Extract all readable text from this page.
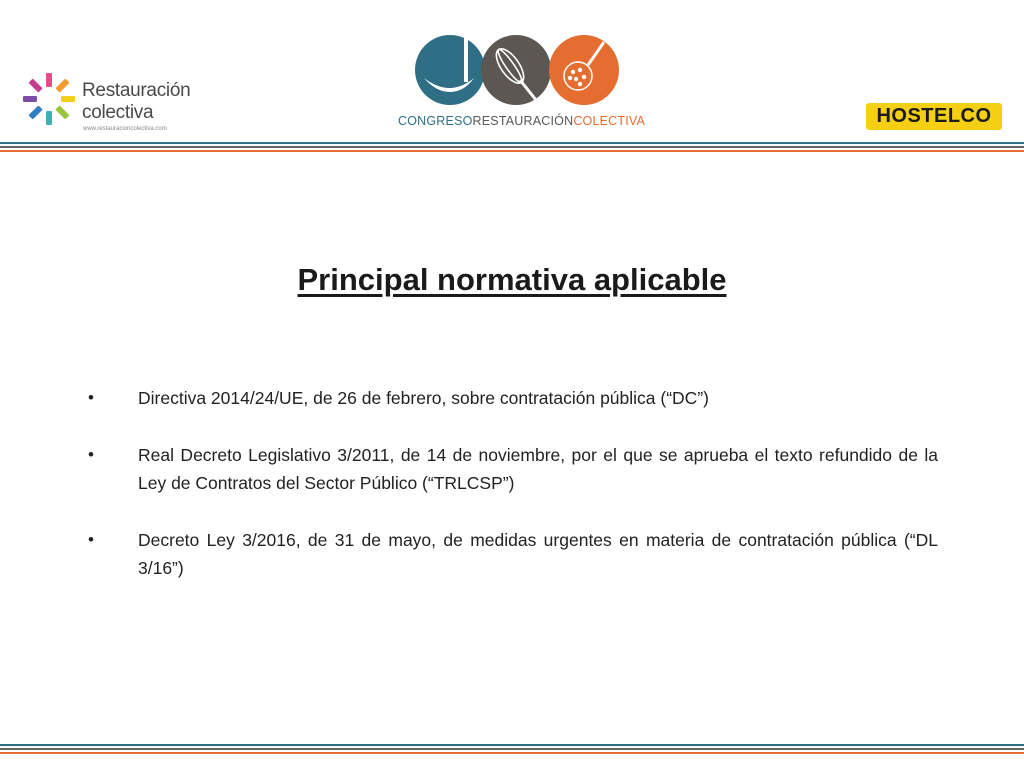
Restauración
colectiva
www.restauracioncolectiva.com
CONGRESORESTAURACIÓNCOLECTIVA	HOSTELCO
Principal normativa aplicable
•	Directiva 2014/24/UE, de 26 de febrero, sobre contratación pública (“DC”)
•	Real Decreto Legislativo 3/2011, de 14 de noviembre, por el que se aprueba el texto refundido de la Ley de Contratos del Sector Público (“TRLCSP”)
•	Decreto Ley 3/2016, de 31 de mayo, de medidas urgentes en materia de contratación pública (“DL 3/16”)
